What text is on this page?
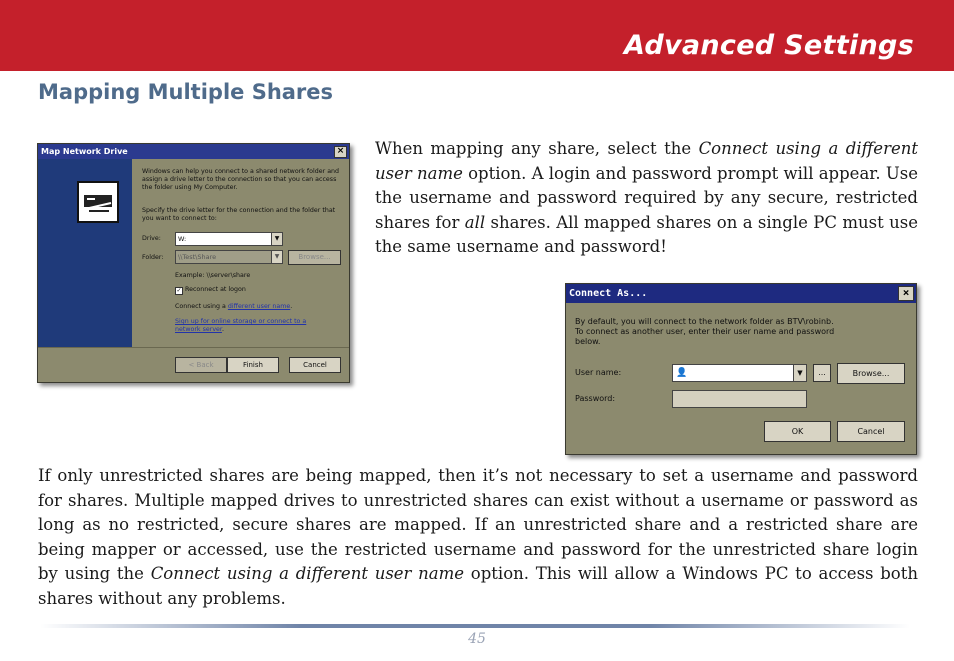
Advanced Settings
Mapping Multiple Shares
Map Network Drive	×
Windows can help you connect to a shared network folder and assign a drive letter to the connection so that you can access the folder using My Computer.
Specify the drive letter for the connection and the folder that you want to connect to:
Drive:	W:	▼
Folder:	\\Test\Share	▼	Browse...
Example: \\server\share
✓ Reconnect at logon
Connect using a different user name.
Sign up for online storage or connect to a network server.
< Back	Finish	Cancel

When mapping any share, select the Connect using a different user name option. A login and password prompt will appear. Use the username and password required by any secure, restricted shares for all shares. All mapped shares on a single PC must use the same username and password!

Connect As...	×
By default, you will connect to the network folder as BTV\robinb. To connect as another user, enter their user name and password below.
User name:	👤	▼	...	Browse...
Password:
OK	Cancel

If only unrestricted shares are being mapped, then it’s not necessary to set a username and password for shares. Multiple mapped drives to unrestricted shares can exist without a username or password as long as no restricted, secure shares are mapped. If an unrestricted share and a restricted share are being mapper or accessed, use the restricted username and password for the unrestricted share login by using the Connect using a different user name option. This will allow a Windows PC to access both shares without any problems.

45
